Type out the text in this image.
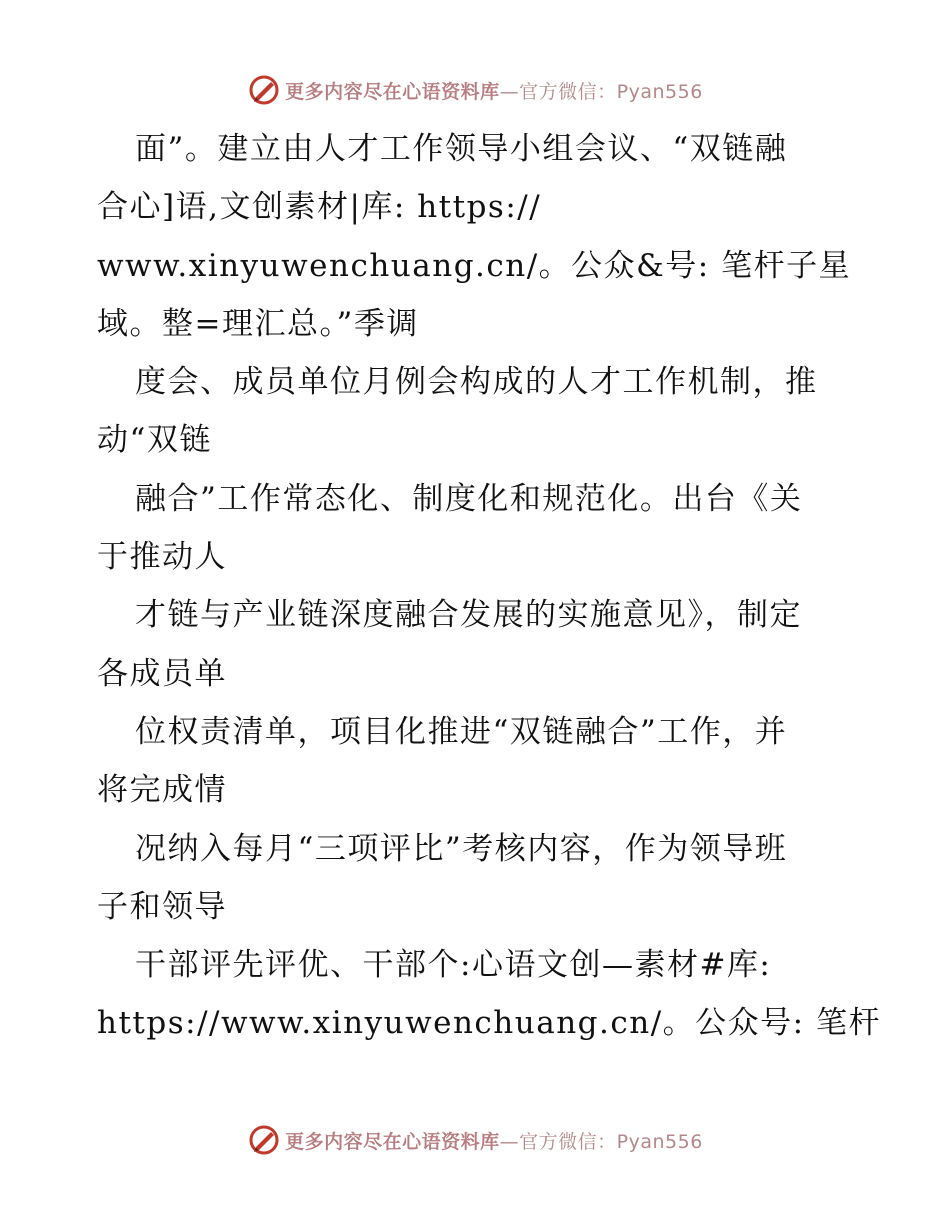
更多内容尽在心语资料库—官方微信：Pyan556
面”。建立由人才工作领导小组会议、“双链融
合心]语,文创素材|库: https://
www.xinyuwenchuang.cn/。公众&号: 笔杆子星
域。整=理汇总。”季调
度会、成员单位月例会构成的人才工作机制，推
动“双链
融合”工作常态化、制度化和规范化。出台《关
于推动人
才链与产业链深度融合发展的实施意见》，制定
各成员单
位权责清单，项目化推进“双链融合”工作，并
将完成情
况纳入每月“三项评比”考核内容，作为领导班
子和领导
干部评先评优、干部个:心语文创—素材#库:
https://www.xinyuwenchuang.cn/。公众号: 笔杆
更多内容尽在心语资料库—官方微信：Pyan556
